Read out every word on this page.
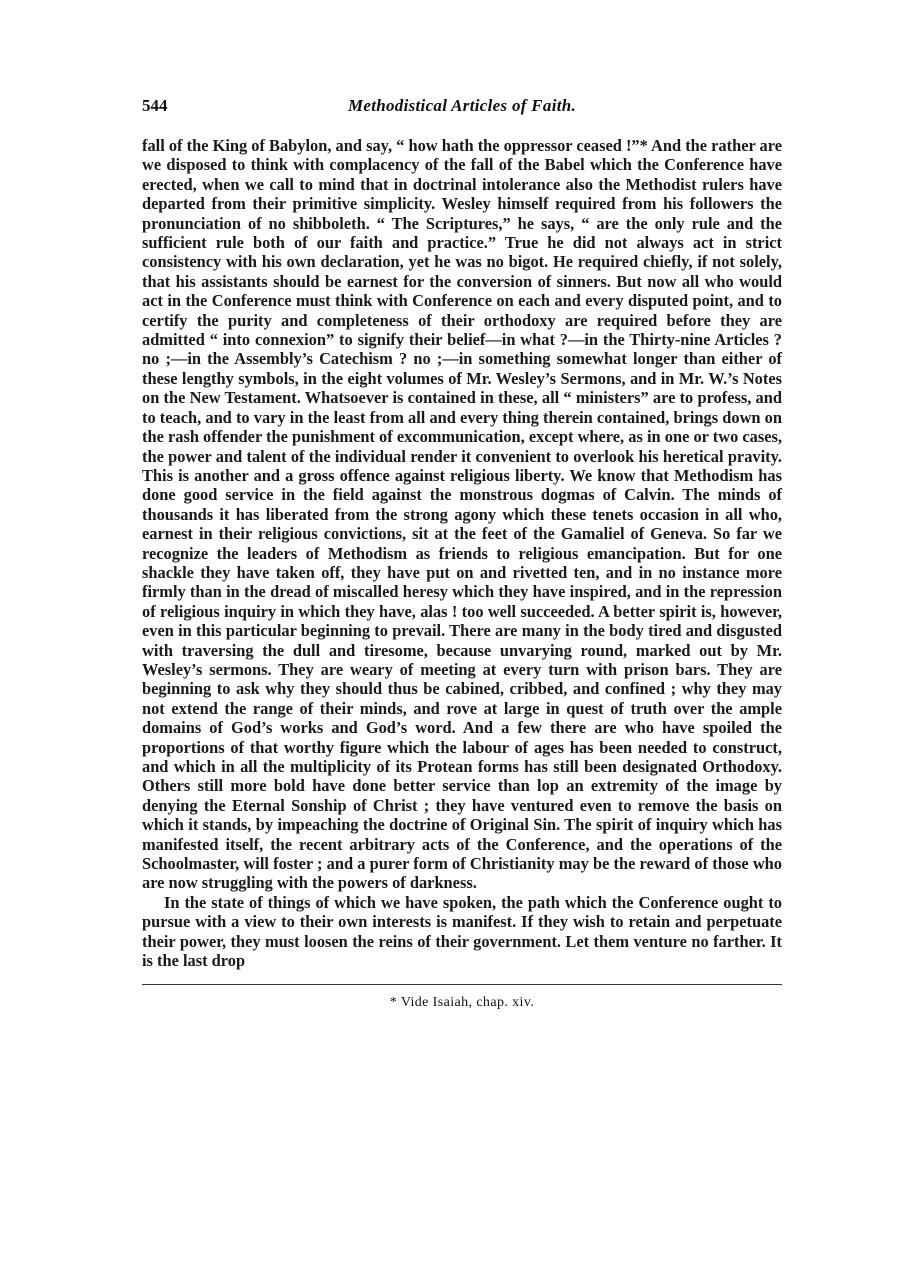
544	Methodistical Articles of Faith.

fall of the King of Babylon, and say, “ how hath the oppressor ceased !”* And the rather are we disposed to think with complacency of the fall of the Babel which the Conference have erected, when we call to mind that in doctrinal intolerance also the Methodist rulers have departed from their primitive simplicity. Wesley himself required from his followers the pronunciation of no shibboleth. “ The Scriptures,” he says, “ are the only rule and the sufficient rule both of our faith and practice.” True he did not always act in strict consistency with his own declaration, yet he was no bigot. He required chiefly, if not solely, that his assistants should be earnest for the conversion of sinners. But now all who would act in the Conference must think with Conference on each and every disputed point, and to certify the purity and completeness of their orthodoxy are required before they are admitted “ into connexion” to signify their belief—in what ?—in the Thirty-nine Articles ? no ;—in the Assembly’s Catechism ? no ;—in something somewhat longer than either of these lengthy symbols, in the eight volumes of Mr. Wesley’s Sermons, and in Mr. W.’s Notes on the New Testament. Whatsoever is contained in these, all “ ministers” are to profess, and to teach, and to vary in the least from all and every thing therein contained, brings down on the rash offender the punishment of excommunication, except where, as in one or two cases, the power and talent of the individual render it convenient to overlook his heretical pravity. This is another and a gross offence against religious liberty. We know that Methodism has done good service in the field against the monstrous dogmas of Calvin. The minds of thousands it has liberated from the strong agony which these tenets occasion in all who, earnest in their religious convictions, sit at the feet of the Gamaliel of Geneva. So far we recognize the leaders of Methodism as friends to religious emancipation. But for one shackle they have taken off, they have put on and rivetted ten, and in no instance more firmly than in the dread of miscalled heresy which they have inspired, and in the repression of religious inquiry in which they have, alas ! too well succeeded. A better spirit is, however, even in this particular beginning to prevail. There are many in the body tired and disgusted with traversing the dull and tiresome, because unvarying round, marked out by Mr. Wesley’s sermons. They are weary of meeting at every turn with prison bars. They are beginning to ask why they should thus be cabined, cribbed, and confined ; why they may not extend the range of their minds, and rove at large in quest of truth over the ample domains of God’s works and God’s word. And a few there are who have spoiled the proportions of that worthy figure which the labour of ages has been needed to construct, and which in all the multiplicity of its Protean forms has still been designated Orthodoxy. Others still more bold have done better service than lop an extremity of the image by denying the Eternal Sonship of Christ ; they have ventured even to remove the basis on which it stands, by impeaching the doctrine of Original Sin. The spirit of inquiry which has manifested itself, the recent arbitrary acts of the Conference, and the operations of the Schoolmaster, will foster ; and a purer form of Christianity may be the reward of those who are now struggling with the powers of darkness.

In the state of things of which we have spoken, the path which the Conference ought to pursue with a view to their own interests is manifest. If they wish to retain and perpetuate their power, they must loosen the reins of their government. Let them venture no farther. It is the last drop

* Vide Isaiah, chap. xiv.
